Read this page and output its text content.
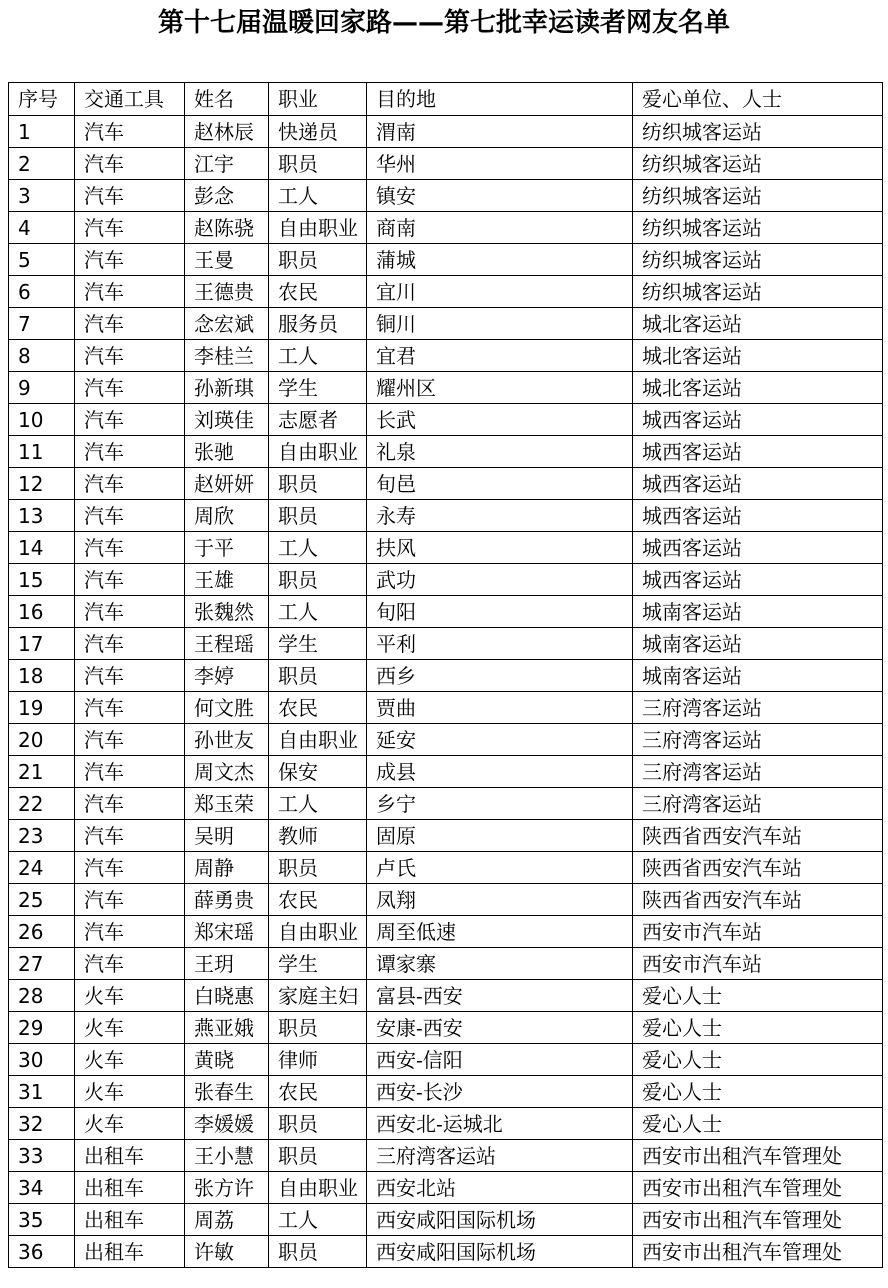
第十七届温暖回家路——第七批幸运读者网友名单
序号	交通工具	姓名	职业	目的地	爱心单位、人士
1	汽车	赵林辰	快递员	渭南	纺织城客运站
2	汽车	江宇	职员	华州	纺织城客运站
3	汽车	彭念	工人	镇安	纺织城客运站
4	汽车	赵陈骁	自由职业	商南	纺织城客运站
5	汽车	王曼	职员	蒲城	纺织城客运站
6	汽车	王德贵	农民	宜川	纺织城客运站
7	汽车	念宏斌	服务员	铜川	城北客运站
8	汽车	李桂兰	工人	宜君	城北客运站
9	汽车	孙新琪	学生	耀州区	城北客运站
10	汽车	刘瑛佳	志愿者	长武	城西客运站
11	汽车	张驰	自由职业	礼泉	城西客运站
12	汽车	赵妍妍	职员	旬邑	城西客运站
13	汽车	周欣	职员	永寿	城西客运站
14	汽车	于平	工人	扶风	城西客运站
15	汽车	王雄	职员	武功	城西客运站
16	汽车	张魏然	工人	旬阳	城南客运站
17	汽车	王程瑶	学生	平利	城南客运站
18	汽车	李婷	职员	西乡	城南客运站
19	汽车	何文胜	农民	贾曲	三府湾客运站
20	汽车	孙世友	自由职业	延安	三府湾客运站
21	汽车	周文杰	保安	成县	三府湾客运站
22	汽车	郑玉荣	工人	乡宁	三府湾客运站
23	汽车	吴明	教师	固原	陕西省西安汽车站
24	汽车	周静	职员	卢氏	陕西省西安汽车站
25	汽车	薛勇贵	农民	凤翔	陕西省西安汽车站
26	汽车	郑宋瑶	自由职业	周至低速	西安市汽车站
27	汽车	王玥	学生	谭家寨	西安市汽车站
28	火车	白晓惠	家庭主妇	富县-西安	爱心人士
29	火车	燕亚娥	职员	安康-西安	爱心人士
30	火车	黄晓	律师	西安-信阳	爱心人士
31	火车	张春生	农民	西安-长沙	爱心人士
32	火车	李媛媛	职员	西安北-运城北	爱心人士
33	出租车	王小慧	职员	三府湾客运站	西安市出租汽车管理处
34	出租车	张方许	自由职业	西安北站	西安市出租汽车管理处
35	出租车	周荔	工人	西安咸阳国际机场	西安市出租汽车管理处
36	出租车	许敏	职员	西安咸阳国际机场	西安市出租汽车管理处
